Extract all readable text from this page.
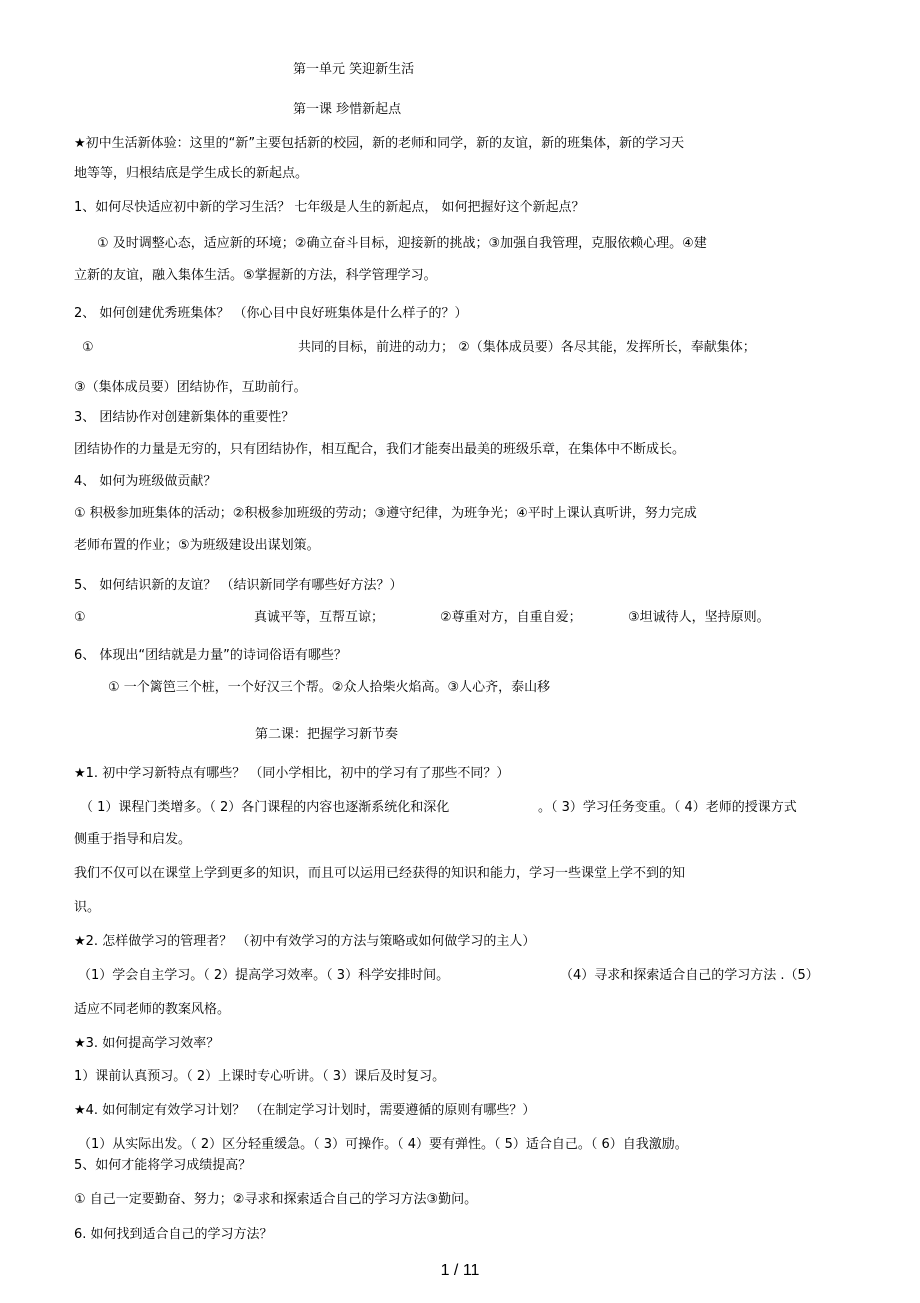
第一单元 笑迎新生活
第一课 珍惜新起点
★初中生活新体验：这里的“新”主要包括新的校园，新的老师和同学，新的友谊，新的班集体，新的学习天
地等等，归根结底是学生成长的新起点。
1、如何尽快适应初中新的学习生活？ 七年级是人生的新起点， 如何把握好这个新起点？
① 及时调整心态，适应新的环境；②确立奋斗目标，迎接新的挑战；③加强自我管理，克服依赖心理。④建
立新的友谊，融入集体生活。⑤掌握新的方法，科学管理学习。
2、 如何创建优秀班集体？ （你心目中良好班集体是什么样子的？）
①	共同的目标，前进的动力； ②（集体成员要）各尽其能，发挥所长，奉献集体；
③（集体成员要）团结协作，互助前行。
3、 团结协作对创建新集体的重要性？
团结协作的力量是无穷的，只有团结协作，相互配合，我们才能奏出最美的班级乐章，在集体中不断成长。
4、 如何为班级做贡献？
① 积极参加班集体的活动；②积极参加班级的劳动；③遵守纪律，为班争光；④平时上课认真听讲，努力完成
老师布置的作业；⑤为班级建设出谋划策。
5、 如何结识新的友谊？ （结识新同学有哪些好方法？）
①	真诚平等，互帮互谅；	②尊重对方，自重自爱；	③坦诚待人，坚持原则。
6、 体现出“团结就是力量”的诗词俗语有哪些？
① 一个篱笆三个桩，一个好汉三个帮。②众人拾柴火焰高。③人心齐，泰山移
第二课：把握学习新节奏
★1. 初中学习新特点有哪些？ （同小学相比，初中的学习有了那些不同？）
（ 1）课程门类增多。（ 2）各门课程的内容也逐渐系统化和深化	。（ 3）学习任务变重。（ 4）老师的授课方式
侧重于指导和启发。
我们不仅可以在课堂上学到更多的知识，而且可以运用已经获得的知识和能力，学习一些课堂上学不到的知
识。
★2. 怎样做学习的管理者？ （初中有效学习的方法与策略或如何做学习的主人）
（1）学会自主学习。（ 2）提高学习效率。（ 3）科学安排时间。	（4）寻求和探索适合自己的学习方法 .（5）
适应不同老师的教案风格。
★3. 如何提高学习效率？
1）课前认真预习。（ 2）上课时专心听讲。（ 3）课后及时复习。
★4. 如何制定有效学习计划？ （在制定学习计划时，需要遵循的原则有哪些？）
（1）从实际出发。（ 2）区分轻重缓急。（ 3）可操作。（ 4）要有弹性。（ 5）适合自己。（ 6）自我激励。
5、如何才能将学习成绩提高？
① 自己一定要勤奋、努力；②寻求和探索适合自己的学习方法③勤问。
6. 如何找到适合自己的学习方法？
1 / 11
